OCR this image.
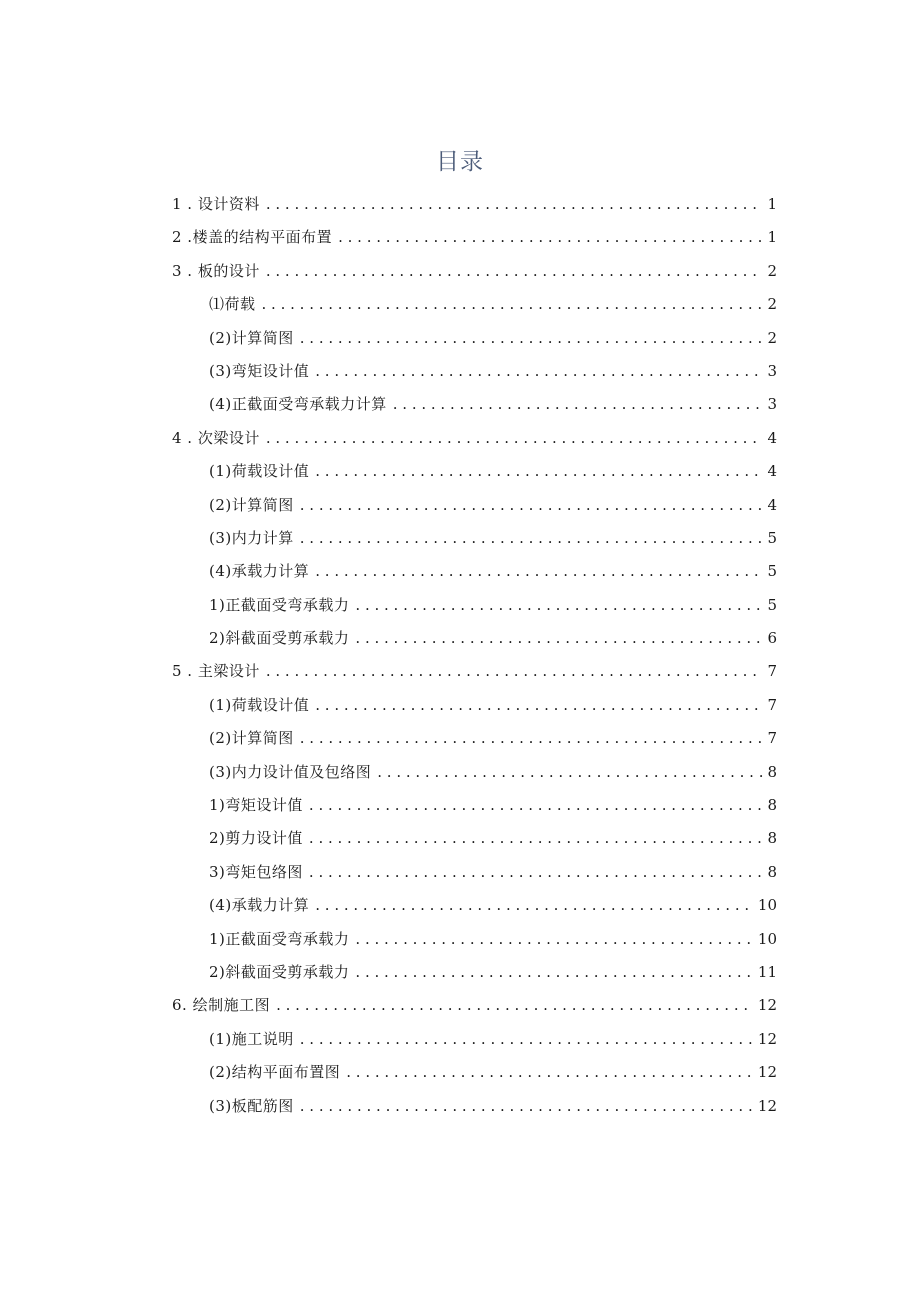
目录
1 . 设计资料 . . .	1
2 .楼盖的结构平面布置 . . .	1
3 . 板的设计 . . .	2
⑴荷载 . . .	2
(2)计算简图 . . .	2
(3)弯矩设计值 . . .	3
(4)正截面受弯承载力计算 . . .	3
4 . 次梁设计 . . .	4
(1)荷载设计值 . . .	4
(2)计算简图 . . .	4
(3)内力计算 . . .	5
(4)承载力计算 . . .	5
1)正截面受弯承载力 . . .	5
2)斜截面受剪承载力 . . .	6
5 . 主梁设计 . . .	7
(1)荷载设计值 . . .	7
(2)计算简图 . . .	7
(3)内力设计值及包络图 . . .	8
1)弯矩设计值 . . .	8
2)剪力设计值 . . .	8
3)弯矩包络图 . . .	8
(4)承载力计算 . . .	10
1)正截面受弯承载力 . . .	10
2)斜截面受剪承载力 . . .	11
6. 绘制施工图 . . .	12
(1)施工说明 . . .	12
(2)结构平面布置图 . . .	12
(3)板配筋图 . . .	12
